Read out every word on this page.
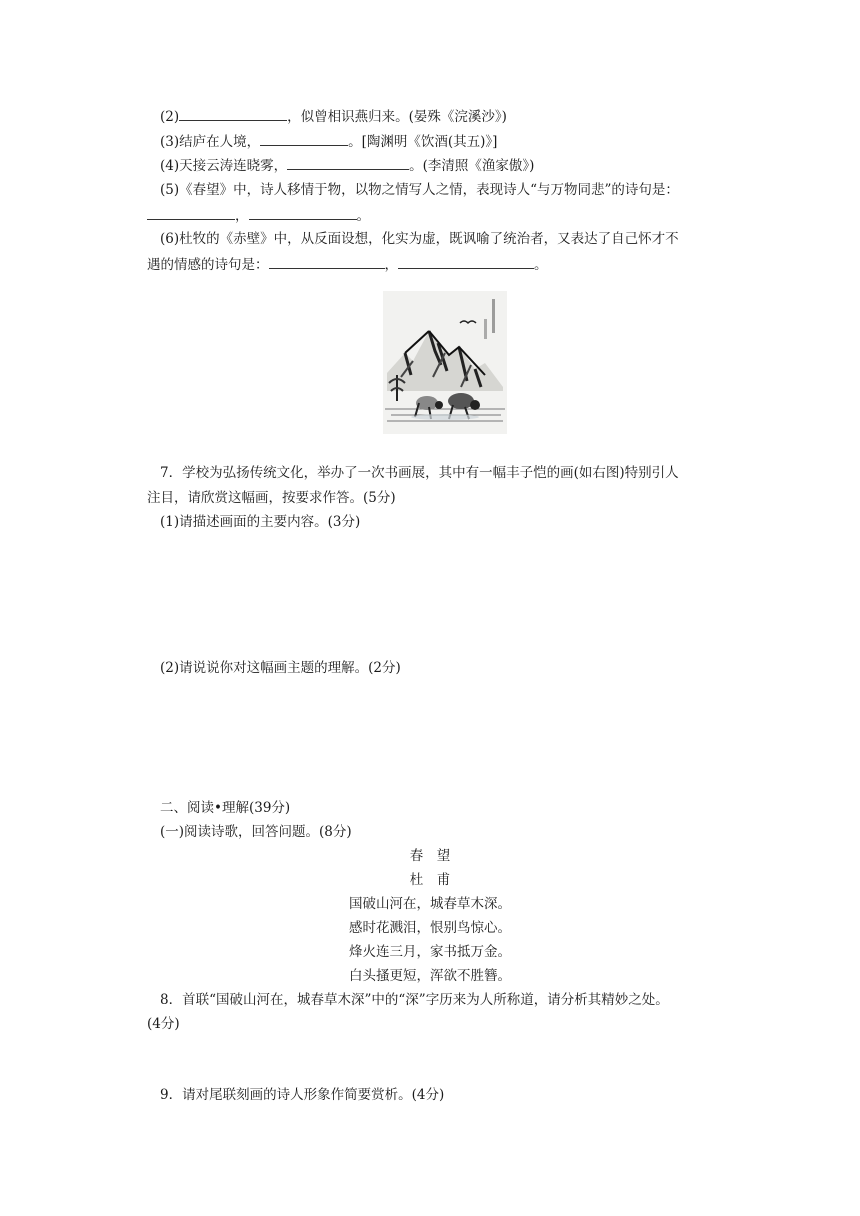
(2)	，似曾相识燕归来。(晏殊《浣溪沙》)
(3)结庐在人境，	。[陶渊明《饮酒(其五)》]
(4)天接云涛连晓雾，	。(李清照《渔家傲》)
(5)《春望》中，诗人移情于物，以物之情写人之情，表现诗人“与万物同悲”的诗句是：
，	。
(6)杜牧的《赤壁》中，从反面设想，化实为虚，既讽喻了统治者，又表达了自己怀才不
遇的情感的诗句是：	，	。
7．学校为弘扬传统文化，举办了一次书画展，其中有一幅丰子恺的画(如右图)特别引人
注目，请欣赏这幅画，按要求作答。(5分)
(1)请描述画面的主要内容。(3分)
(2)请说说你对这幅画主题的理解。(2分)
二、阅读•理解(39分)
(一)阅读诗歌，回答问题。(8分)
春　望
杜　甫
国破山河在，城春草木深。
感时花溅泪，恨别鸟惊心。
烽火连三月，家书抵万金。
白头搔更短，浑欲不胜簪。
8．首联“国破山河在，城春草木深”中的“深”字历来为人所称道，请分析其精妙之处。
(4分)
9．请对尾联刻画的诗人形象作简要赏析。(4分)
